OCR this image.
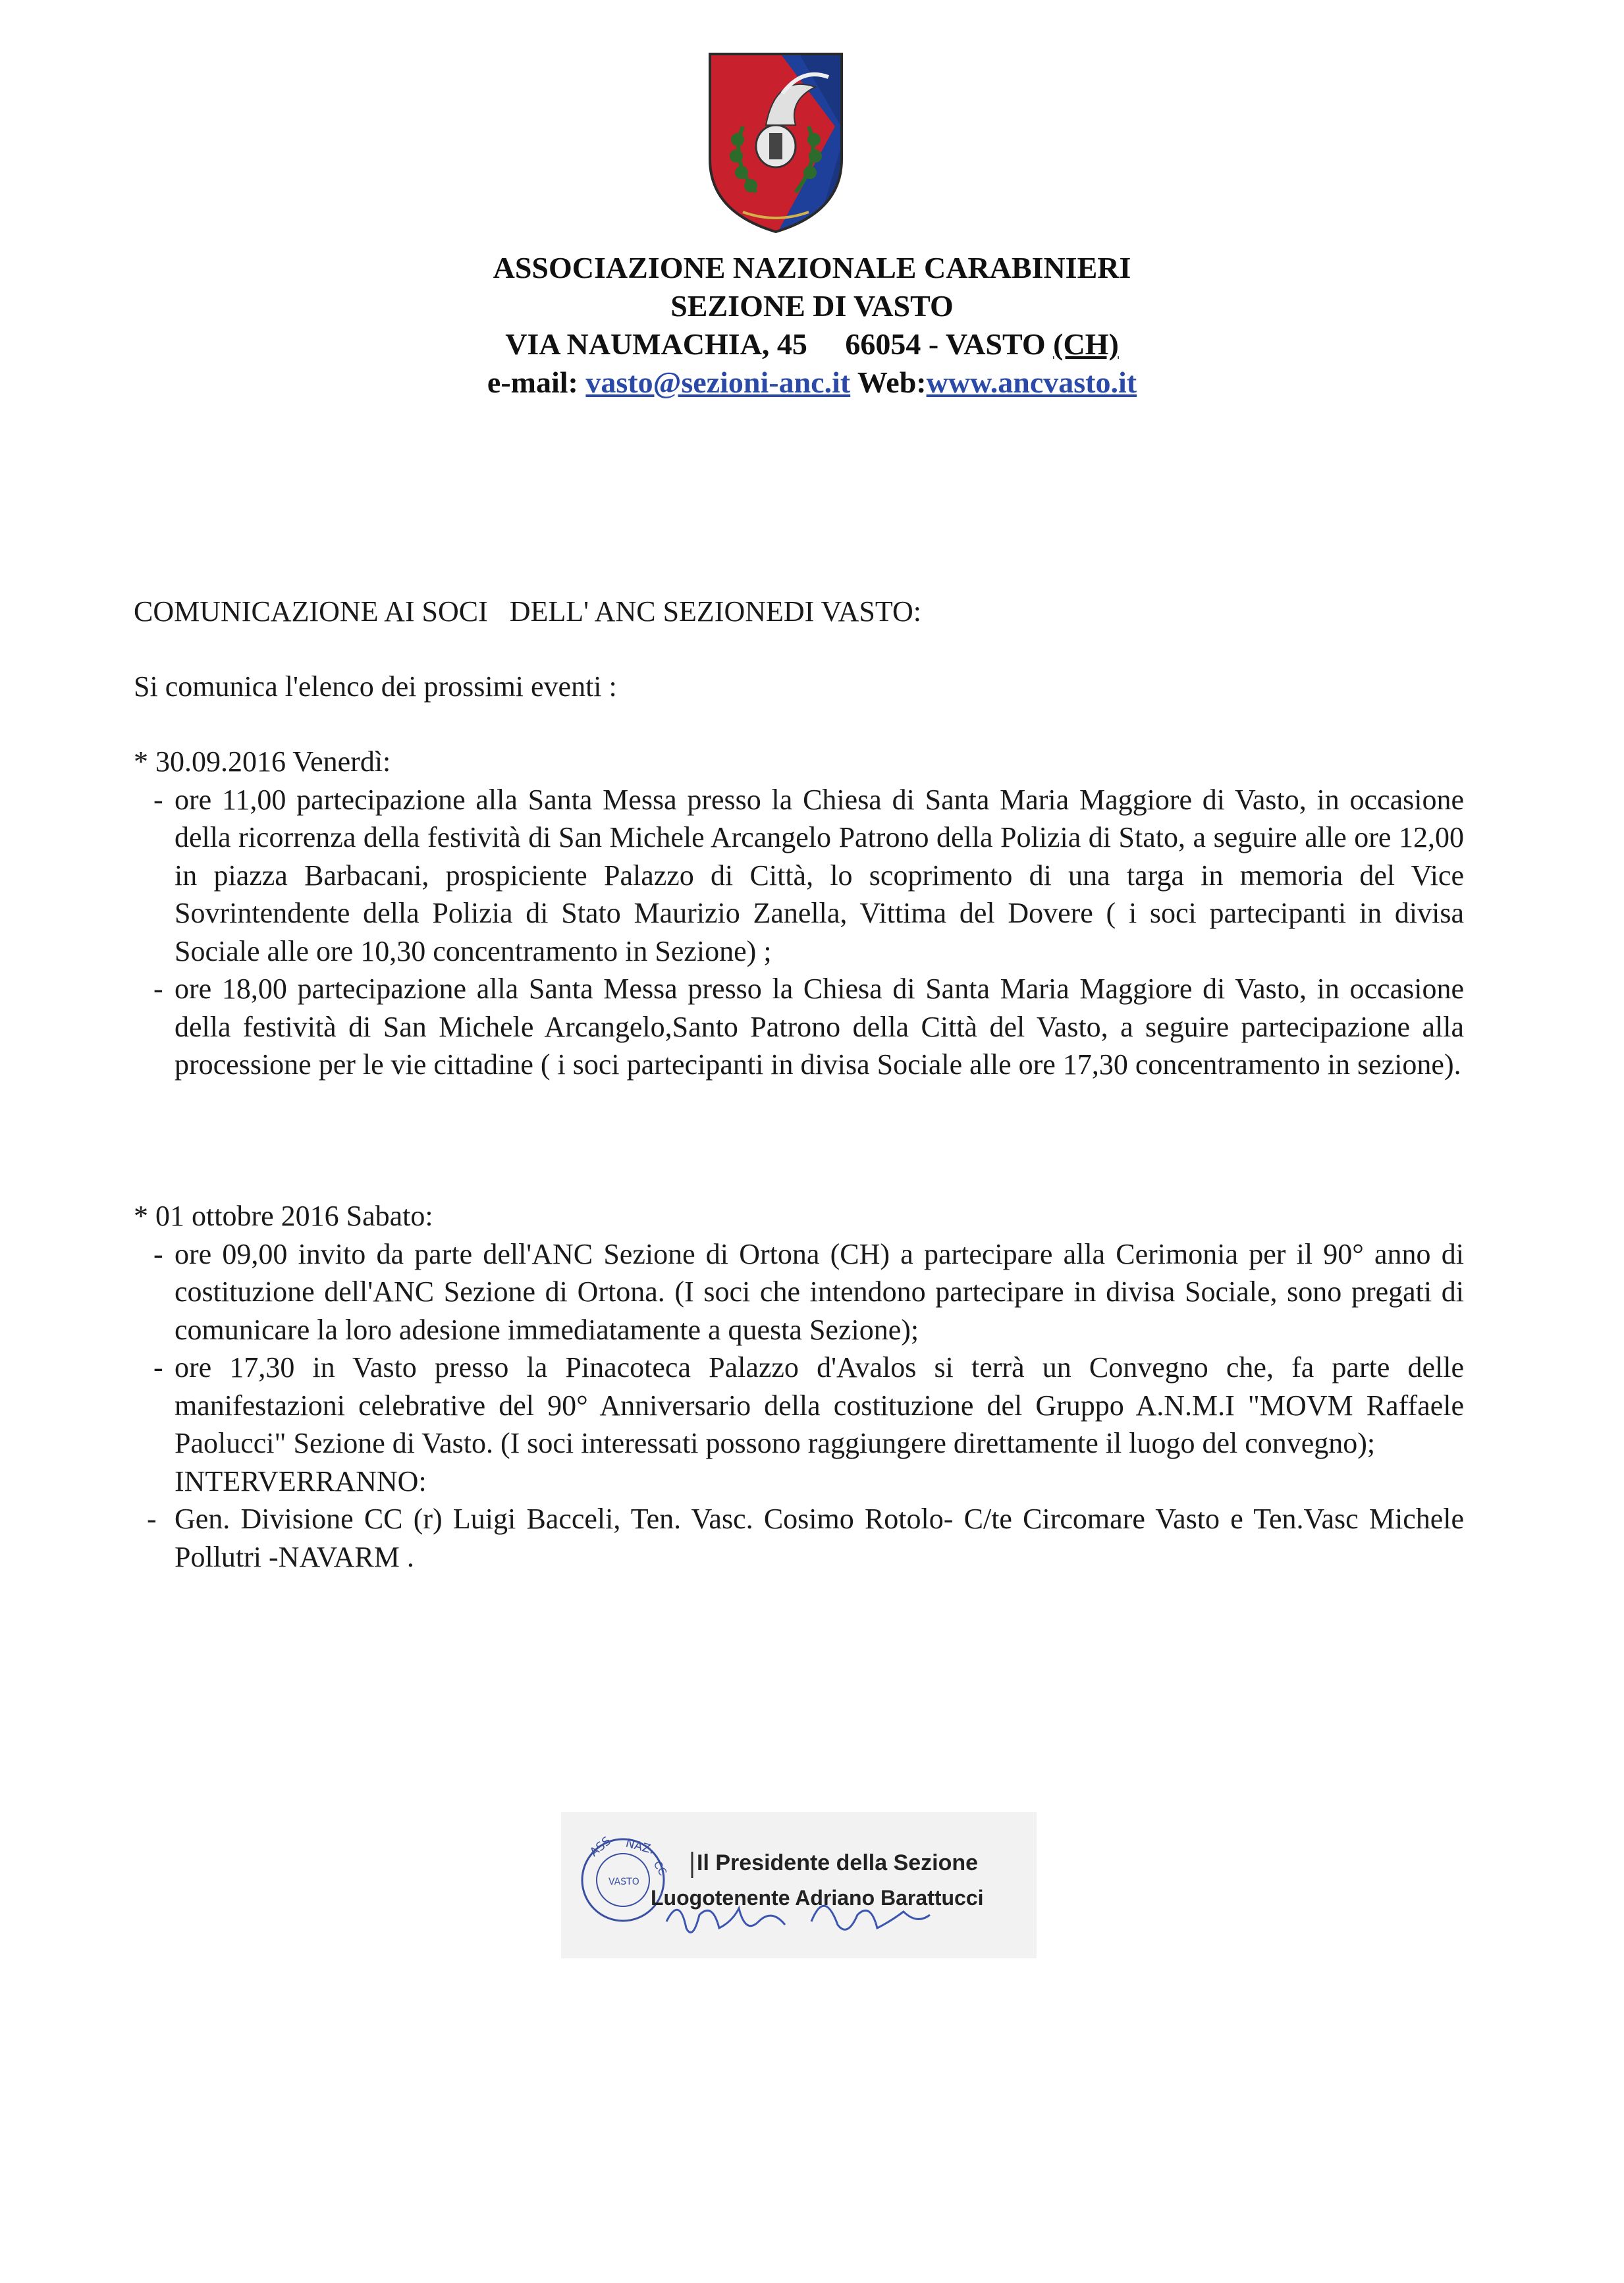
ASSOCIAZIONE NAZIONALE CARABINIERI
SEZIONE DI VASTO
VIA NAUMACHIA, 45     66054 - VASTO (CH)
e-mail: vasto@sezioni-anc.it Web:www.ancvasto.it
COMUNICAZIONE AI SOCI   DELL' ANC SEZIONEDI VASTO:
Si comunica l'elenco dei prossimi eventi :
* 30.09.2016 Venerdì:
- ore 11,00 partecipazione alla Santa Messa presso la Chiesa di Santa Maria Maggiore di Vasto, in occasione della ricorrenza della festività di San Michele Arcangelo Patrono della Polizia di Stato, a seguire alle ore 12,00 in piazza Barbacani, prospiciente Palazzo di Città, lo scoprimento di una targa in memoria del Vice Sovrintendente della Polizia di Stato Maurizio Zanella, Vittima del Dovere ( i soci partecipanti in divisa Sociale alle ore 10,30 concentramento in Sezione) ;
- ore 18,00 partecipazione alla Santa Messa presso la Chiesa di Santa Maria Maggiore di Vasto, in occasione della festività di San Michele Arcangelo,Santo Patrono della Città del Vasto, a seguire partecipazione alla processione per le vie cittadine ( i soci partecipanti in divisa Sociale alle ore 17,30 concentramento in sezione).
* 01 ottobre 2016 Sabato:
- ore 09,00 invito da parte dell'ANC Sezione di Ortona (CH) a partecipare alla Cerimonia per il 90° anno di costituzione dell'ANC Sezione di Ortona. (I soci che intendono partecipare in divisa Sociale, sono pregati di comunicare la loro adesione immediatamente a questa Sezione);
- ore 17,30 in Vasto presso la Pinacoteca Palazzo d'Avalos si terrà un Convegno che, fa parte delle manifestazioni celebrative del 90° Anniversario della costituzione del Gruppo A.N.M.I "MOVM Raffaele Paolucci" Sezione di Vasto. (I soci interessati possono raggiungere direttamente il luogo del convegno);
INTERVERRANNO:
- Gen. Divisione CC (r) Luigi Bacceli, Ten. Vasc. Cosimo Rotolo- C/te Circomare Vasto e Ten.Vasc Michele Pollutri -NAVARM .
ASS. NAZ.
CC
VASTO
Il Presidente della Sezione
Luogotenente Adriano Barattucci
